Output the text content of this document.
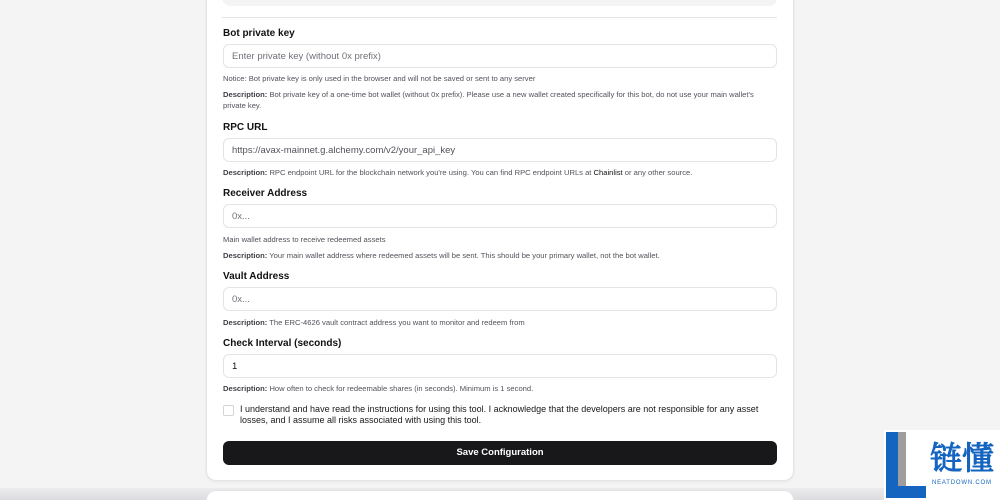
Bot private key
Enter private key (without 0x prefix)
Notice: Bot private key is only used in the browser and will not be saved or sent to any server
Description: Bot private key of a one-time bot wallet (without 0x prefix). Please use a new wallet created specifically for this bot, do not use your main wallet's private key.
RPC URL
https://avax-mainnet.g.alchemy.com/v2/your_api_key
Description: RPC endpoint URL for the blockchain network you're using. You can find RPC endpoint URLs at Chainlist or any other source.
Receiver Address
0x...
Main wallet address to receive redeemed assets
Description: Your main wallet address where redeemed assets will be sent. This should be your primary wallet, not the bot wallet.
Vault Address
0x...
Description: The ERC-4626 vault contract address you want to monitor and redeem from
Check Interval (seconds)
1
Description: How often to check for redeemable shares (in seconds). Minimum is 1 second.
I understand and have read the instructions for using this tool. I acknowledge that the developers are not responsible for any asset losses, and I assume all risks associated with using this tool.
Save Configuration	链懂
NEATDOWN.COM
